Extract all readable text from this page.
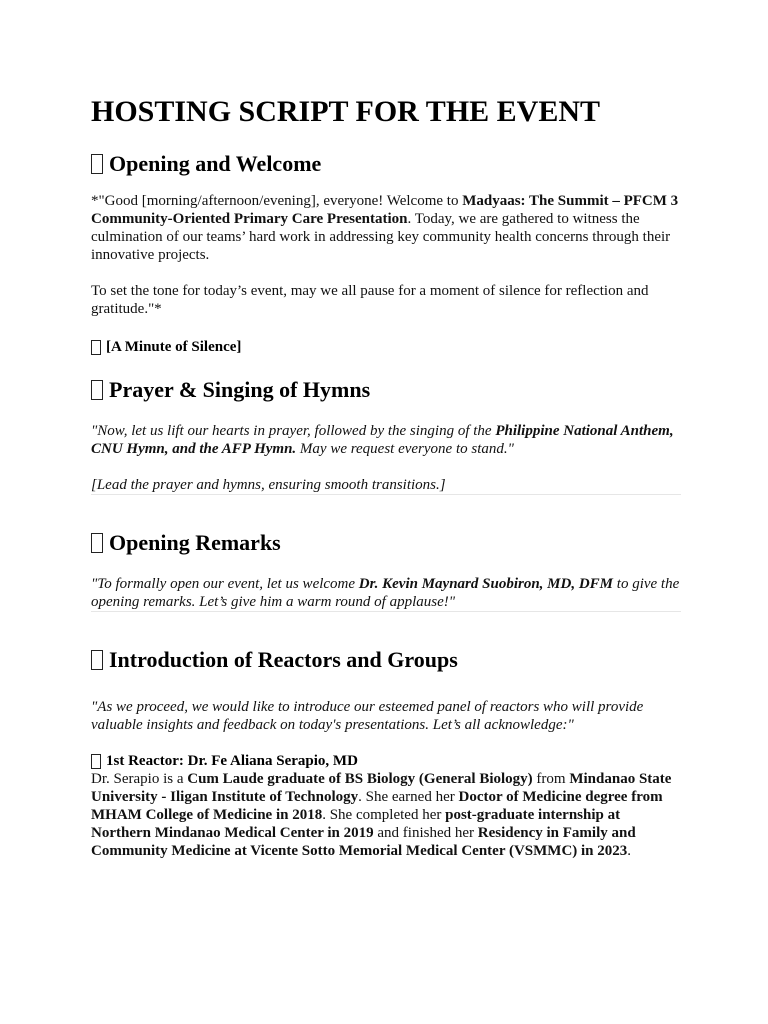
HOSTING SCRIPT FOR THE EVENT
Opening and Welcome

*"Good [morning/afternoon/evening], everyone! Welcome to Madyaas: The Summit – PFCM 3 Community-Oriented Primary Care Presentation. Today, we are gathered to witness the culmination of our teams’ hard work in addressing key community health concerns through their innovative projects.

To set the tone for today’s event, may we all pause for a moment of silence for reflection and gratitude."*

[A Minute of Silence]
Prayer & Singing of Hymns

"Now, let us lift our hearts in prayer, followed by the singing of the Philippine National Anthem, CNU Hymn, and the AFP Hymn. May we request everyone to stand."

[Lead the prayer and hymns, ensuring smooth transitions.]

Opening Remarks

"To formally open our event, let us welcome Dr. Kevin Maynard Suobiron, MD, DFM to give the opening remarks. Let’s give him a warm round of applause!"

Introduction of Reactors and Groups

"As we proceed, we would like to introduce our esteemed panel of reactors who will provide valuable insights and feedback on today's presentations. Let’s all acknowledge:"

1st Reactor: Dr. Fe Aliana Serapio, MD

Dr. Serapio is a Cum Laude graduate of BS Biology (General Biology) from Mindanao State University - Iligan Institute of Technology. She earned her Doctor of Medicine degree from MHAM College of Medicine in 2018. She completed her post-graduate internship at Northern Mindanao Medical Center in 2019 and finished her Residency in Family and Community Medicine at Vicente Sotto Memorial Medical Center (VSMMC) in 2023.
